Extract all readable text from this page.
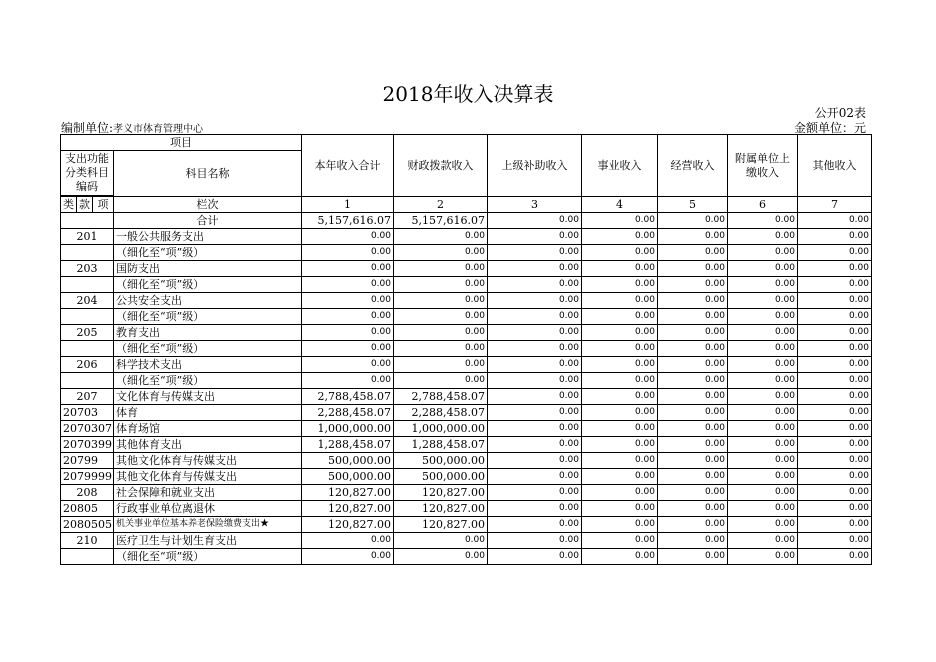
2018年收入决算表
公开02表
编制单位:孝义市体育管理中心	金额单位：元
项目				本年收入合计	财政拨款收入	上级补助收入	事业收入	经营收入	附属单位上缴收入	其他收入
支出功能分类科目编码			科目名称							

类	款	项	栏次	1	2	3	4	5	6	7
			合计	5,157,616.07	5,157,616.07	0.00	0.00	0.00	0.00	0.00
201			一般公共服务支出	0.00	0.00	0.00	0.00	0.00	0.00	0.00
			（细化至“项”级）	0.00	0.00	0.00	0.00	0.00	0.00	0.00
203			国防支出	0.00	0.00	0.00	0.00	0.00	0.00	0.00
			（细化至“项”级）	0.00	0.00	0.00	0.00	0.00	0.00	0.00
204			公共安全支出	0.00	0.00	0.00	0.00	0.00	0.00	0.00
			（细化至“项”级）	0.00	0.00	0.00	0.00	0.00	0.00	0.00
205			教育支出	0.00	0.00	0.00	0.00	0.00	0.00	0.00
			（细化至“项”级）	0.00	0.00	0.00	0.00	0.00	0.00	0.00
206			科学技术支出	0.00	0.00	0.00	0.00	0.00	0.00	0.00
			（细化至“项”级）	0.00	0.00	0.00	0.00	0.00	0.00	0.00
207			文化体育与传媒支出	2,788,458.07	2,788,458.07	0.00	0.00	0.00	0.00	0.00
20703			体育	2,288,458.07	2,288,458.07	0.00	0.00	0.00	0.00	0.00
2070307			体育场馆	1,000,000.00	1,000,000.00	0.00	0.00	0.00	0.00	0.00
2070399			其他体育支出	1,288,458.07	1,288,458.07	0.00	0.00	0.00	0.00	0.00
20799			其他文化体育与传媒支出	500,000.00	500,000.00	0.00	0.00	0.00	0.00	0.00
2079999			其他文化体育与传媒支出	500,000.00	500,000.00	0.00	0.00	0.00	0.00	0.00
208			社会保障和就业支出	120,827.00	120,827.00	0.00	0.00	0.00	0.00	0.00
20805			行政事业单位离退休	120,827.00	120,827.00	0.00	0.00	0.00	0.00	0.00
2080505			机关事业单位基本养老保险缴费支出★	120,827.00	120,827.00	0.00	0.00	0.00	0.00	0.00
210			医疗卫生与计划生育支出	0.00	0.00	0.00	0.00	0.00	0.00	0.00
			（细化至“项”级）	0.00	0.00	0.00	0.00	0.00	0.00	0.00
